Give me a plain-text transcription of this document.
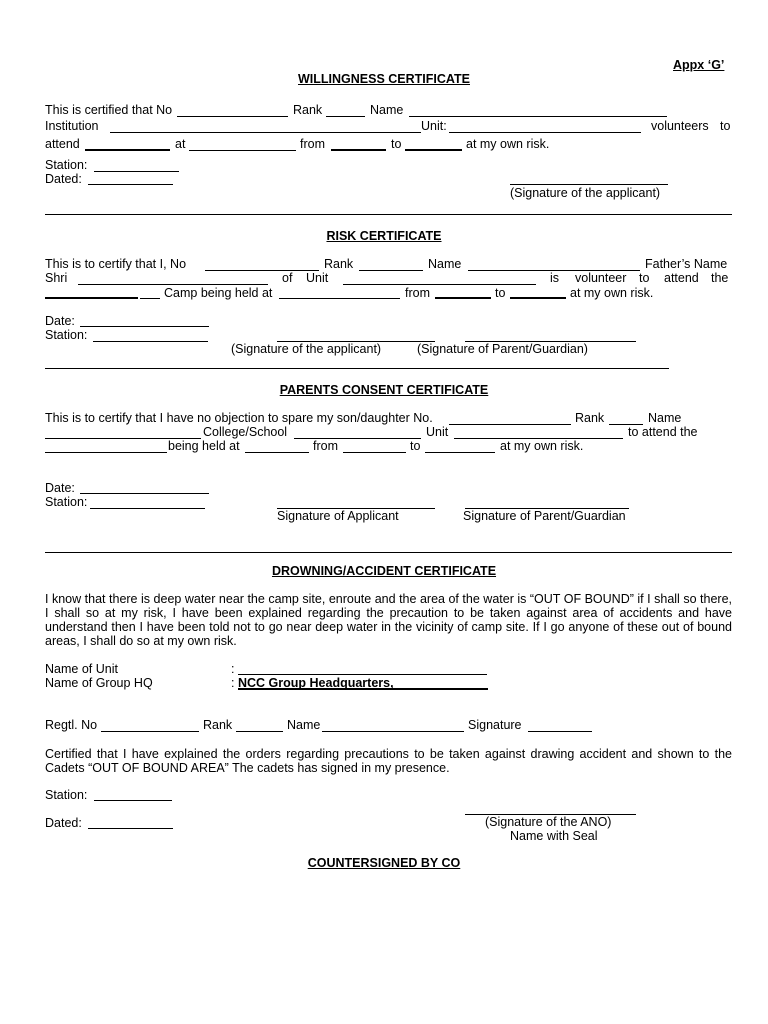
Appx ‘G’
WILLINGNESS CERTIFICATE
This is certified that No	Rank	Name
Institution	Unit:	volunteers to
attend	at	from	to	at my own risk.
Station:
Dated:
(Signature of the applicant)
RISK CERTIFICATE
This is to certify that I, No	Rank	Name	Father’s Name
Shri	of Unit	is volunteer to attend the
Camp being held at	from	to	at my own risk.
Date:
Station:
(Signature of the applicant)	(Signature of Parent/Guardian)
PARENTS CONSENT CERTIFICATE
This is to certify that I have no objection to spare my son/daughter No.	Rank	Name
College/School	Unit	to attend the
being held at	from	to	at my own risk.
Date:
Station:
Signature of Applicant	Signature of Parent/Guardian
DROWNING/ACCIDENT CERTIFICATE
I know that there is deep water near the camp site, enroute and the area of the water is “OUT OF BOUND” if I shall so there, I shall so at my risk, I have been explained regarding the precaution to be taken against area of accidents and have understand then I have been told not to go near deep water in the vicinity of camp site. If I go anyone of these out of bound areas, I shall do so at my own risk.
Name of Unit	:
Name of Group HQ	: NCC Group Headquarters,
Regtl. No	Rank	Name	Signature
Certified that I have explained the orders regarding precautions to be taken against drawing accident and shown to the Cadets “OUT OF BOUND AREA” The cadets has signed in my presence.
Station:
Dated:	(Signature of the ANO)
Name with Seal
COUNTERSIGNED BY CO
